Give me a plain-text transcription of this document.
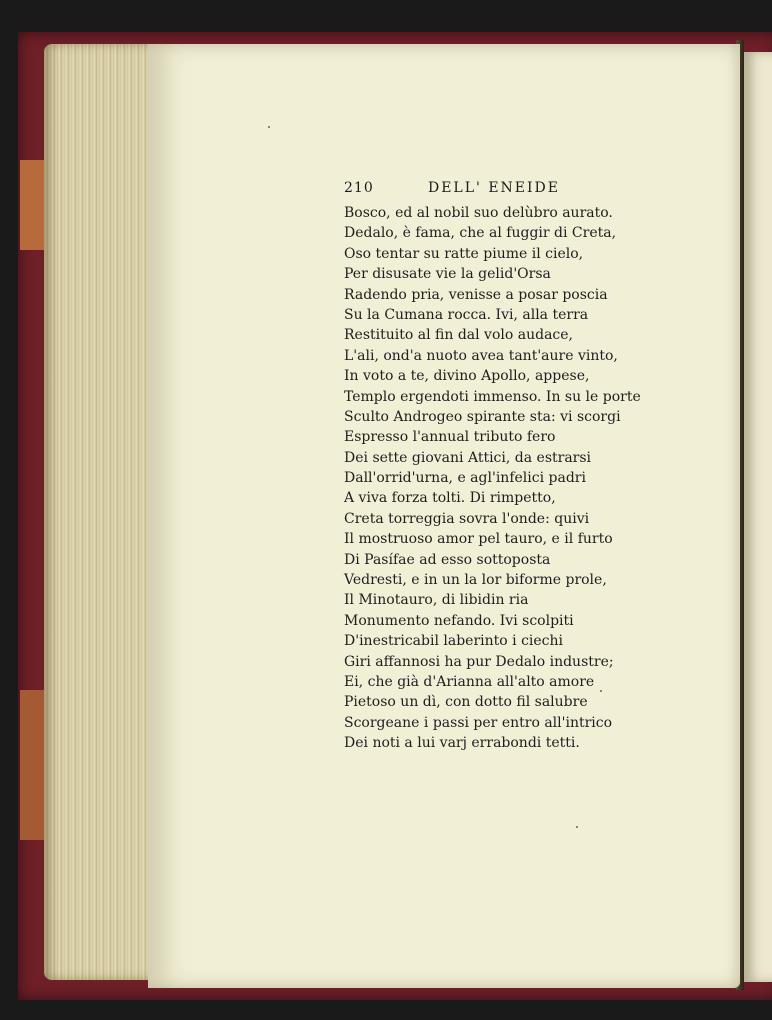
210	DELL' ENEIDE
Bosco, ed al nobil suo delùbro aurato.
Dedalo, è fama, che al fuggir di Creta,
Oso tentar su ratte piume il cielo,
Per disusate vie la gelid'Orsa
Radendo pria, venisse a posar poscia
Su la Cumana rocca. Ivi, alla terra
Restituito al fin dal volo audace,
L'ali, ond'a nuoto avea tant'aure vinto,
In voto a te, divino Apollo, appese,
Templo ergendoti immenso. In su le porte
Sculto Androgeo spirante sta: vi scorgi
Espresso l'annual tributo fero
Dei sette giovani Attici, da estrarsi
Dall'orrid'urna, e agl'infelici padri
A viva forza tolti. Di rimpetto,
Creta torreggia sovra l'onde: quivi
Il mostruoso amor pel tauro, e il furto
Di Pasífae ad esso sottoposta
Vedresti, e in un la lor biforme prole,
Il Minotauro, di libidin ria
Monumento nefando. Ivi scolpiti
D'inestricabil laberinto i ciechi
Giri affannosi ha pur Dedalo industre;
Ei, che già d'Arianna all'alto amore
Pietoso un dì, con dotto fil salubre
Scorgeane i passi per entro all'intrico
Dei noti a lui varj errabondi tetti.
